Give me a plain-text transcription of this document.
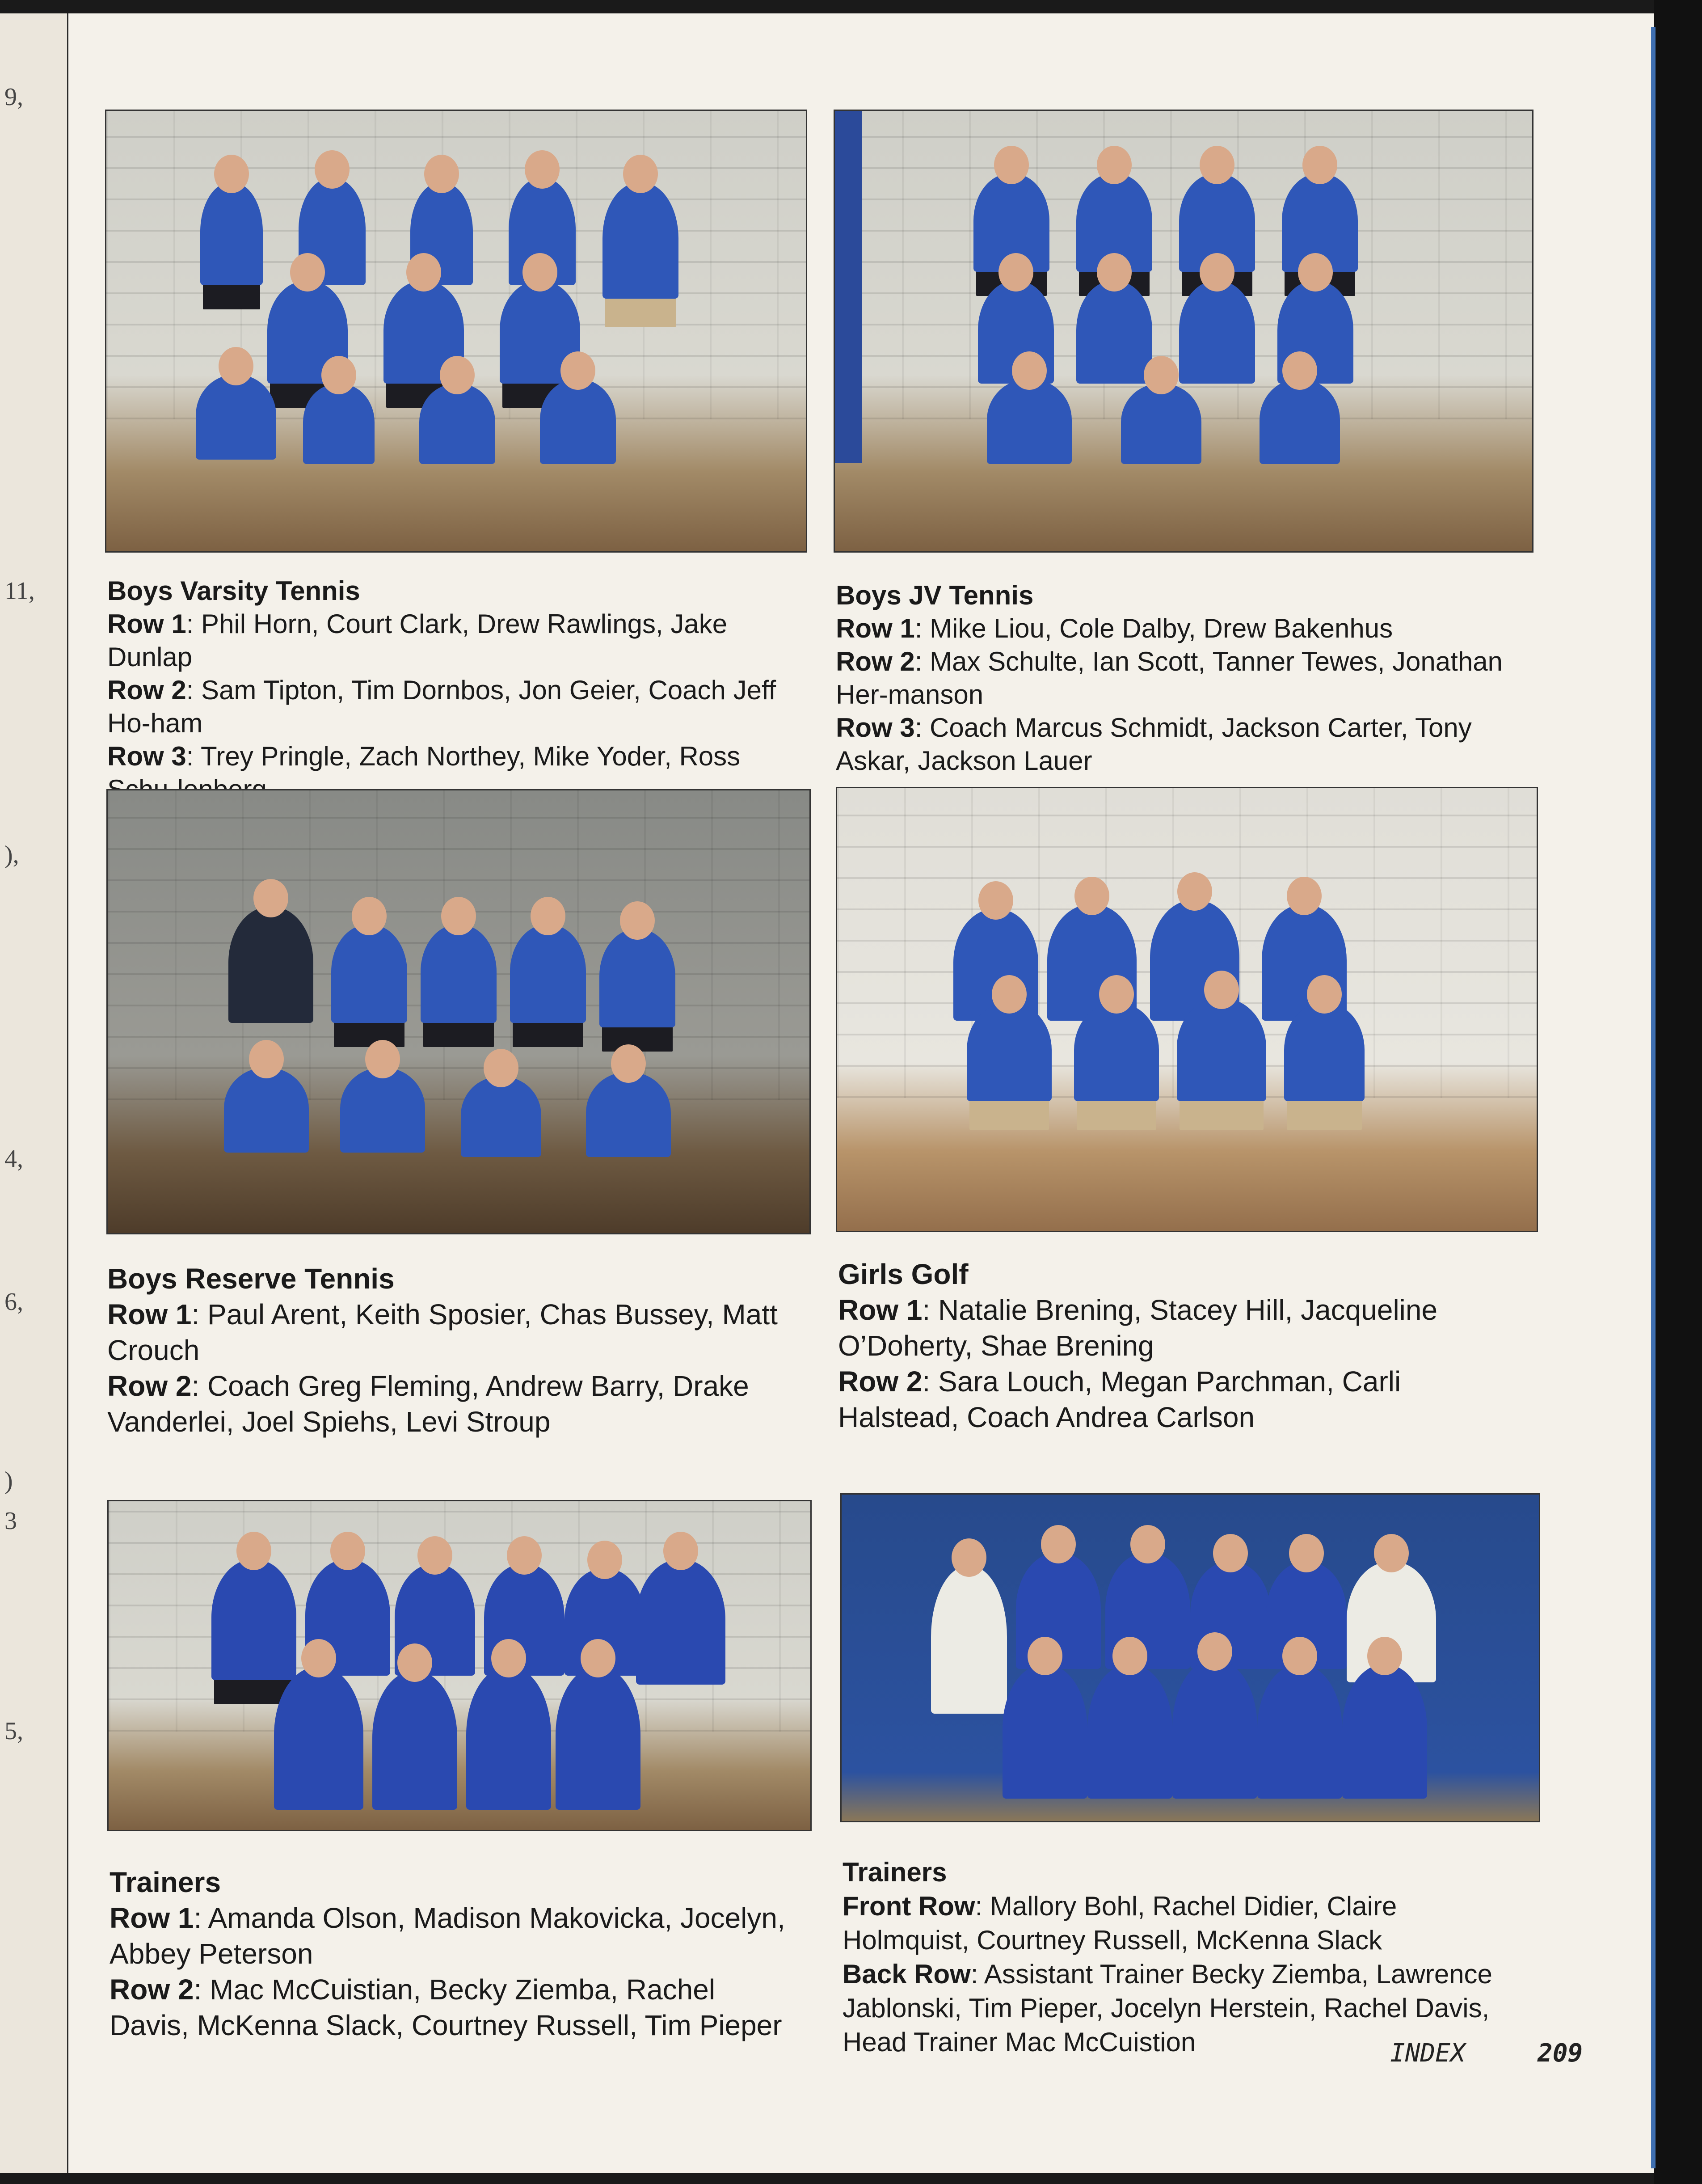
9,
11,
),
4,
6,
)
3
5,
Boys Varsity Tennis
Row 1: Phil Horn, Court Clark, Drew Rawlings, Jake Dunlap
Row 2: Sam Tipton, Tim Dornbos, Jon Geier, Coach Jeff Ho-ham
Row 3: Trey Pringle, Zach Northey, Mike Yoder, Ross
Boys JV Tennis
Row 1: Mike Liou, Cole Dalby, Drew Bakenhus
Row 2: Max Schulte, Ian Scott, Tanner Tewes, Jonathan Her-manson
Row 3: Coach Marcus Schmidt, Jackson Carter, Tony Askar, Jackson Lauer
Boys Reserve Tennis
Row 1: Paul Arent, Keith Sposier, Chas Bussey, Matt Crouch
Row 2: Coach Greg Fleming, Andrew Barry, Drake Vanderlei, Joel Spiehs, Levi Stroup
Girls Golf
Row 1: Natalie Brening, Stacey Hill, Jacqueline O’Doherty, Shae Brening
Row 2: Sara Louch, Megan Parchman, Carli Halstead, Coach Andrea Carlson
Trainers
Row 1: Amanda Olson, Madison Makovicka, Jocelyn, Abbey Peterson
Row 2: Mac McCuistian, Becky Ziemba, Rachel Davis, McKenna Slack, Courtney Russell, Tim Pieper
Trainers
Front Row: Mallory Bohl, Rachel Didier, Claire Holmquist, Courtney Russell, McKenna Slack
Back Row: Assistant Trainer Becky Ziemba, Lawrence Jablonski, Tim Pieper, Jocelyn Herstein, Rachel Davis, Head Trainer Mac McCuistion	INDEX	209
